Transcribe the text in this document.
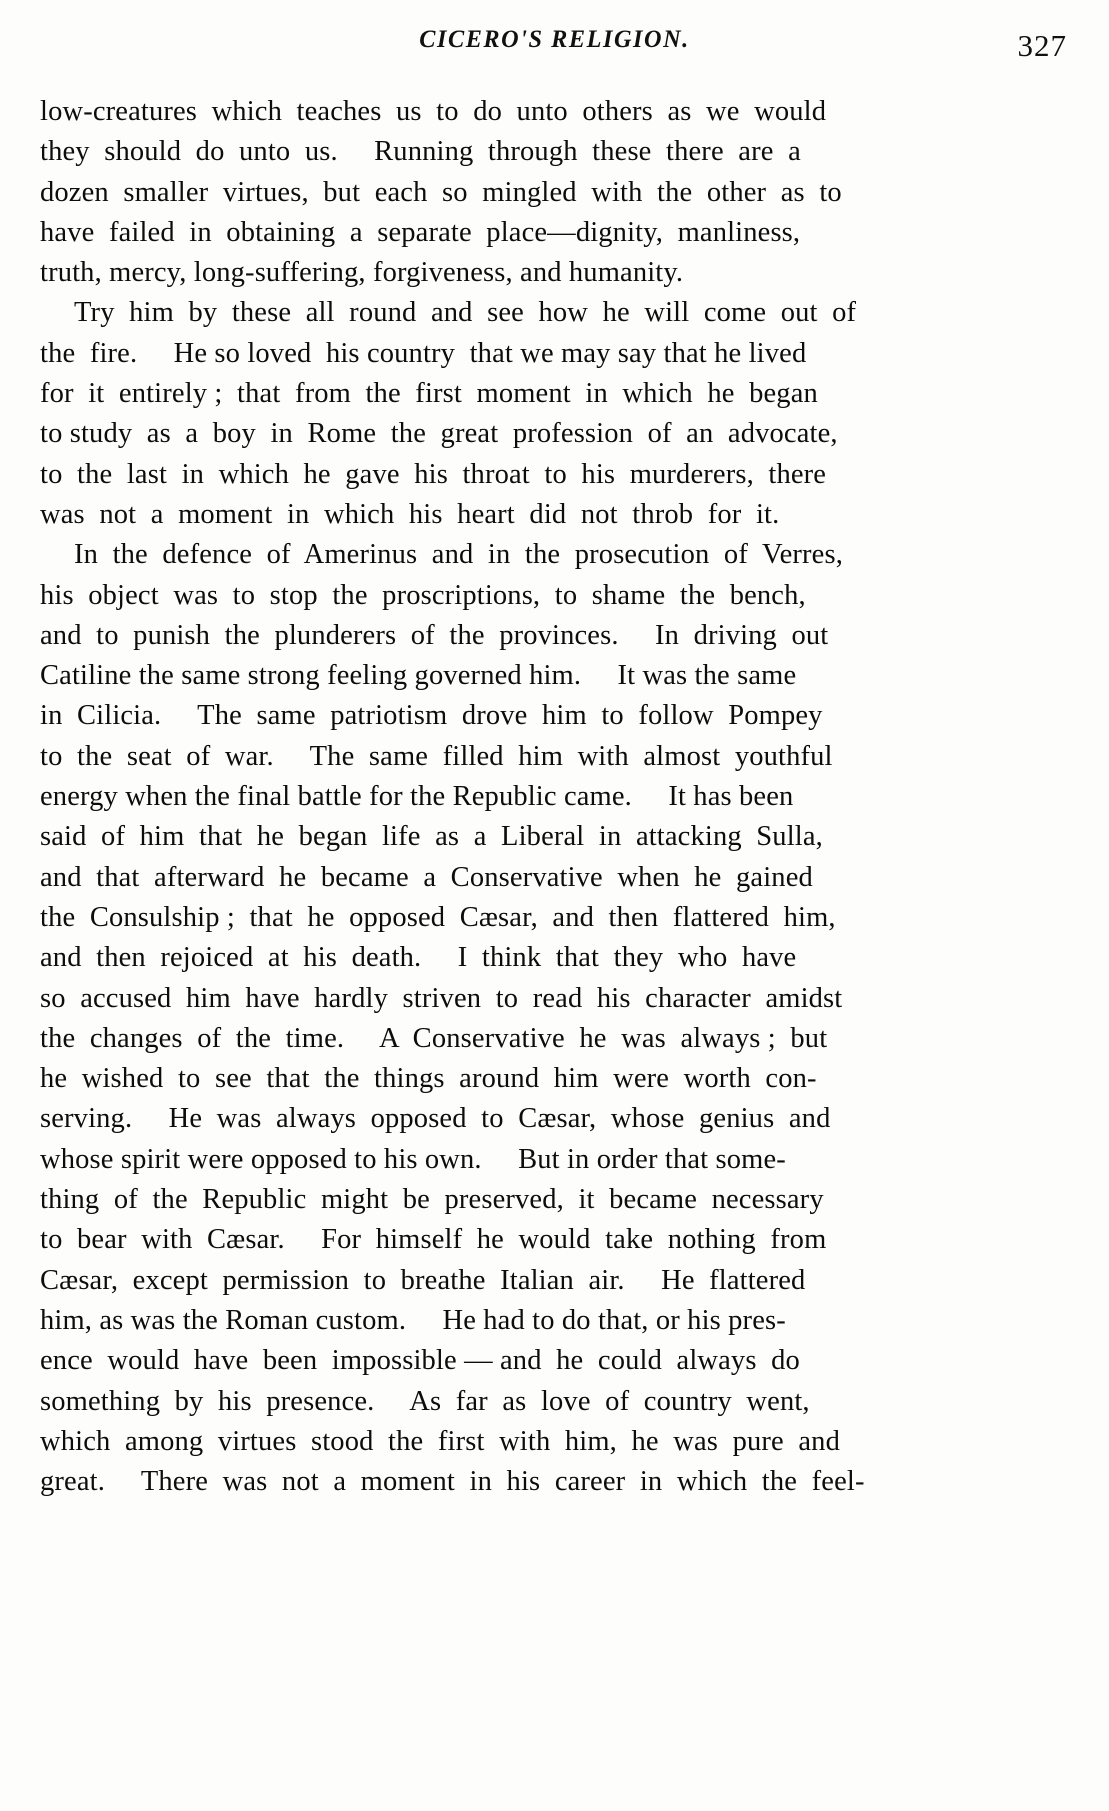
CICERO'S RELIGION.	327
low-creatures  which  teaches  us  to  do  unto  others  as  we  would
they  should  do  unto  us.     Running  through  these  there  are  a
dozen  smaller  virtues,  but  each  so  mingled  with  the  other  as  to
have  failed  in  obtaining  a  separate  place—dignity,  manliness,
truth, mercy, long-suffering, forgiveness, and humanity.
Try  him  by  these  all  round  and  see  how  he  will  come  out  of
the  fire.     He so loved  his country  that we may say that he lived
for  it  entirely ;  that  from  the  first  moment  in  which  he  began
to study  as  a  boy  in  Rome  the  great  profession  of  an  advocate,
to  the  last  in  which  he  gave  his  throat  to  his  murderers,  there
was  not  a  moment  in  which  his  heart  did  not  throb  for  it.
In  the  defence  of  Amerinus  and  in  the  prosecution  of  Verres,
his  object  was  to  stop  the  proscriptions,  to  shame  the  bench,
and  to  punish  the  plunderers  of  the  provinces.     In  driving  out
Catiline the same strong feeling governed him.     It was the same
in  Cilicia.     The  same  patriotism  drove  him  to  follow  Pompey
to  the  seat  of  war.     The  same  filled  him  with  almost  youthful
energy when the final battle for the Republic came.     It has been
said  of  him  that  he  began  life  as  a  Liberal  in  attacking  Sulla,
and  that  afterward  he  became  a  Conservative  when  he  gained
the  Consulship ;  that  he  opposed  Cæsar,  and  then  flattered  him,
and  then  rejoiced  at  his  death.     I  think  that  they  who  have
so  accused  him  have  hardly  striven  to  read  his  character  amidst
the  changes  of  the  time.     A  Conservative  he  was  always ;  but
he  wished  to  see  that  the  things  around  him  were  worth  con-
serving.     He  was  always  opposed  to  Cæsar,  whose  genius  and
whose spirit were opposed to his own.     But in order that some-
thing  of  the  Republic  might  be  preserved,  it  became  necessary
to  bear  with  Cæsar.     For  himself  he  would  take  nothing  from
Cæsar,  except  permission  to  breathe  Italian  air.     He  flattered
him, as was the Roman custom.     He had to do that, or his pres-
ence  would  have  been  impossible — and  he  could  always  do
something  by  his  presence.     As  far  as  love  of  country  went,
which  among  virtues  stood  the  first  with  him,  he  was  pure  and
great.     There  was  not  a  moment  in  his  career  in  which  the  feel-
